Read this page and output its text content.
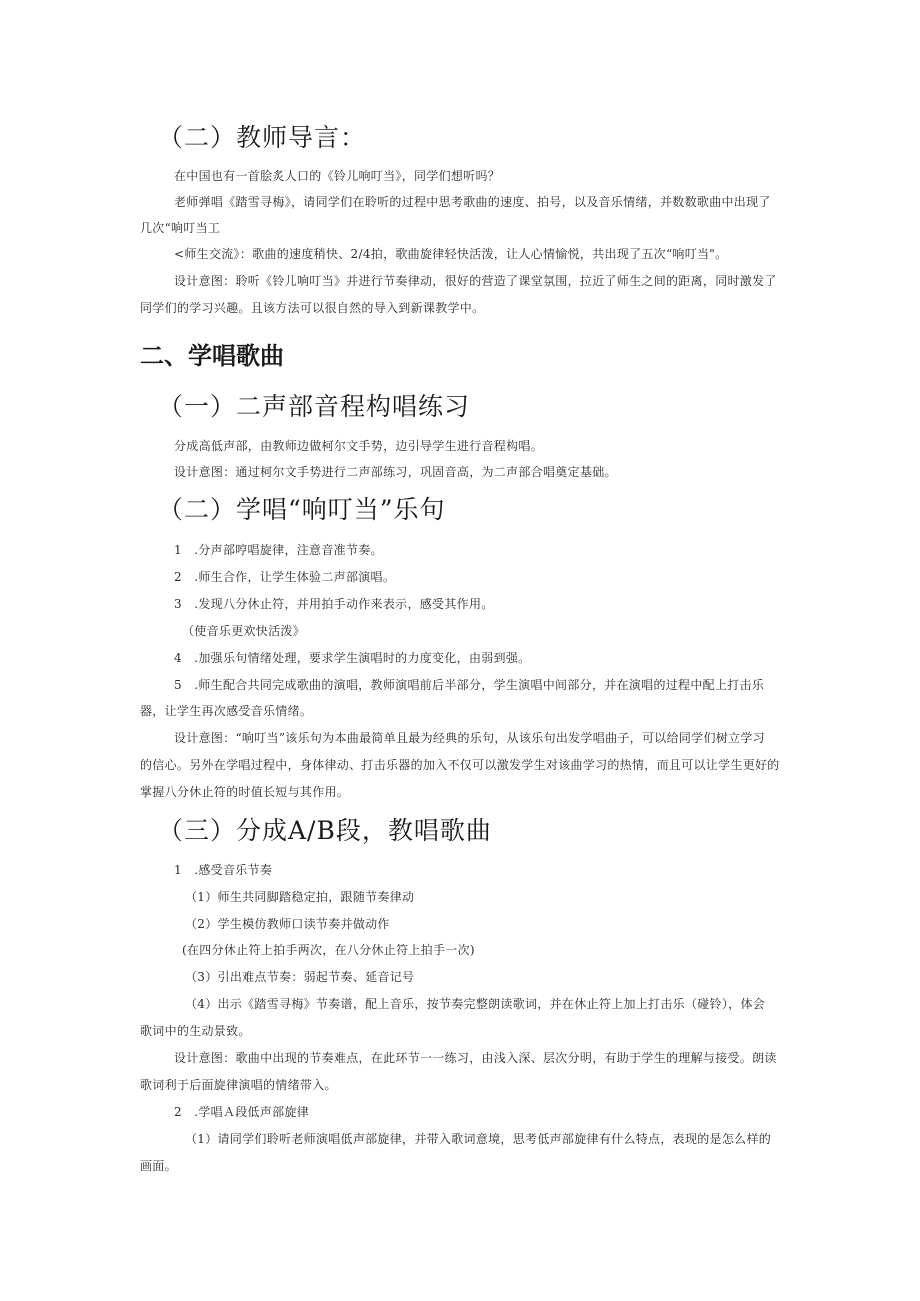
（二）教师导言：
在中国也有一首脍炙人口的《铃儿响叮当》，同学们想听吗？
老师弹唱《踏雪寻梅》，请同学们在聆听的过程中思考歌曲的速度、拍号，以及音乐情绪，并数数歌曲中出现了
几次“响叮当工
<师生交流》：歌曲的速度稍快、2/4拍，歌曲旋律轻快活泼，让人心情愉悦，共出现了五次“响叮当"。
设计意图：聆听《铃儿响叮当》并进行节奏律动，很好的营造了课堂氛围，拉近了师生之间的距离，同时激发了
同学们的学习兴趣。且该方法可以很自然的导入到新课教学中。
二、学唱歌曲
（一）二声部音程构唱练习
分成高低声部，由教师边做柯尔文手势，边引导学生进行音程构唱。
设计意图：通过柯尔文手势进行二声部练习，巩固音高，为二声部合唱奠定基础。
（二）学唱“响叮当”乐句
1　.分声部哼唱旋律，注意音准节奏。
2　.师生合作，让学生体验二声部演唱。
3　.发现八分休止符，并用拍手动作来表示，感受其作用。
（使音乐更欢快活泼》
4　.加强乐句情绪处理，要求学生演唱时的力度变化，由弱到强。
5　.师生配合共同完成歌曲的演唱，教师演唱前后半部分，学生演唱中间部分，并在演唱的过程中配上打击乐
器，让学生再次感受音乐情绪。
设计意图：“响叮当”该乐句为本曲最简单且最为经典的乐句，从该乐句出发学唱曲子，可以给同学们树立学习
的信心。另外在学唱过程中，身体律动、打击乐器的加入不仅可以激发学生对该曲学习的热情，而且可以让学生更好的
掌握八分休止符的时值长短与其作用。
（三）分成A/B段，教唱歌曲
1　.感受音乐节奏
（1）师生共同脚踏稳定拍，跟随节奏律动
（2）学生模仿教师口读节奏并做动作
(在四分休止符上拍手两次，在八分休止符上拍手一次)
（3）引出难点节奏：弱起节奏、延音记号
（4）出示《踏雪寻梅》节奏谱，配上音乐，按节奏完整朗读歌词，并在休止符上加上打击乐（碰铃），体会
歌词中的生动景致。
设计意图：歌曲中出现的节奏难点，在此环节一一练习，由浅入深、层次分明，有助于学生的理解与接受。朗读
歌词利于后面旋律演唱的情绪带入。
2　.学唱Ａ段低声部旋律
（1）请同学们聆听老师演唱低声部旋律，并带入歌词意境，思考低声部旋律有什么特点，表现的是怎么样的
画面。
